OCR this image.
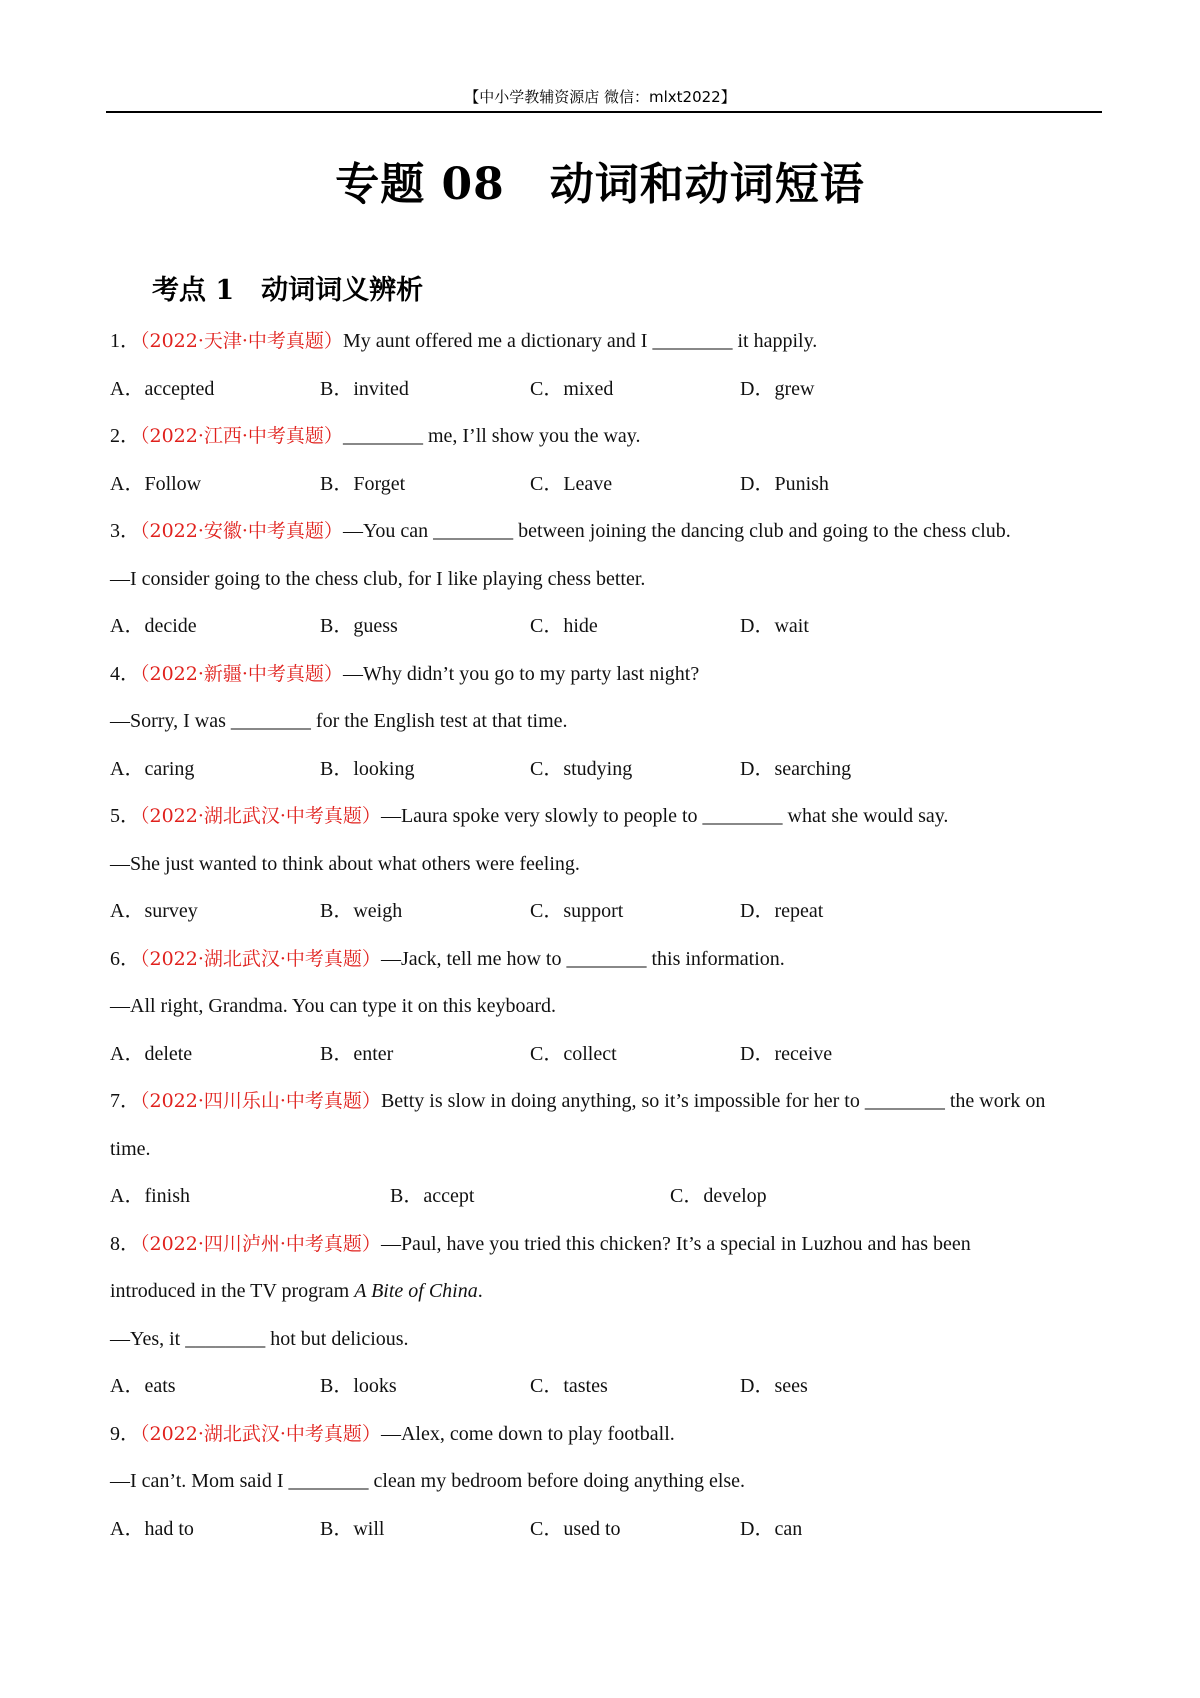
【中小学教辅资源店 微信：mlxt2022】
专题 08　动词和动词短语
考点 1　动词词义辨析
1．（2022·天津·中考真题）My aunt offered me a dictionary and I ________ it happily.
A．accepted	B．invited	C．mixed	D．grew
2．（2022·江西·中考真题）________ me, I’ll show you the way.
A．Follow	B．Forget	C．Leave	D．Punish
3．（2022·安徽·中考真题）—You can ________ between joining the dancing club and going to the chess club.
—I consider going to the chess club, for I like playing chess better.
A．decide	B．guess	C．hide	D．wait
4．（2022·新疆·中考真题）—Why didn’t you go to my party last night?
—Sorry, I was ________ for the English test at that time.
A．caring	B．looking	C．studying	D．searching
5．（2022·湖北武汉·中考真题）—Laura spoke very slowly to people to ________ what she would say.
—She just wanted to think about what others were feeling.
A．survey	B．weigh	C．support	D．repeat
6．（2022·湖北武汉·中考真题）—Jack, tell me how to ________ this information.
—All right, Grandma. You can type it on this keyboard.
A．delete	B．enter	C．collect	D．receive
7．（2022·四川乐山·中考真题）Betty is slow in doing anything, so it’s impossible for her to ________ the work on
time.
A．finish	B．accept	C．develop
8．（2022·四川泸州·中考真题）—Paul, have you tried this chicken? It’s a special in Luzhou and has been
introduced in the TV program A Bite of China.
—Yes, it ________ hot but delicious.
A．eats	B．looks	C．tastes	D．sees
9．（2022·湖北武汉·中考真题）—Alex, come down to play football.
—I can’t. Mom said I ________ clean my bedroom before doing anything else.
A．had to	B．will	C．used to	D．can
